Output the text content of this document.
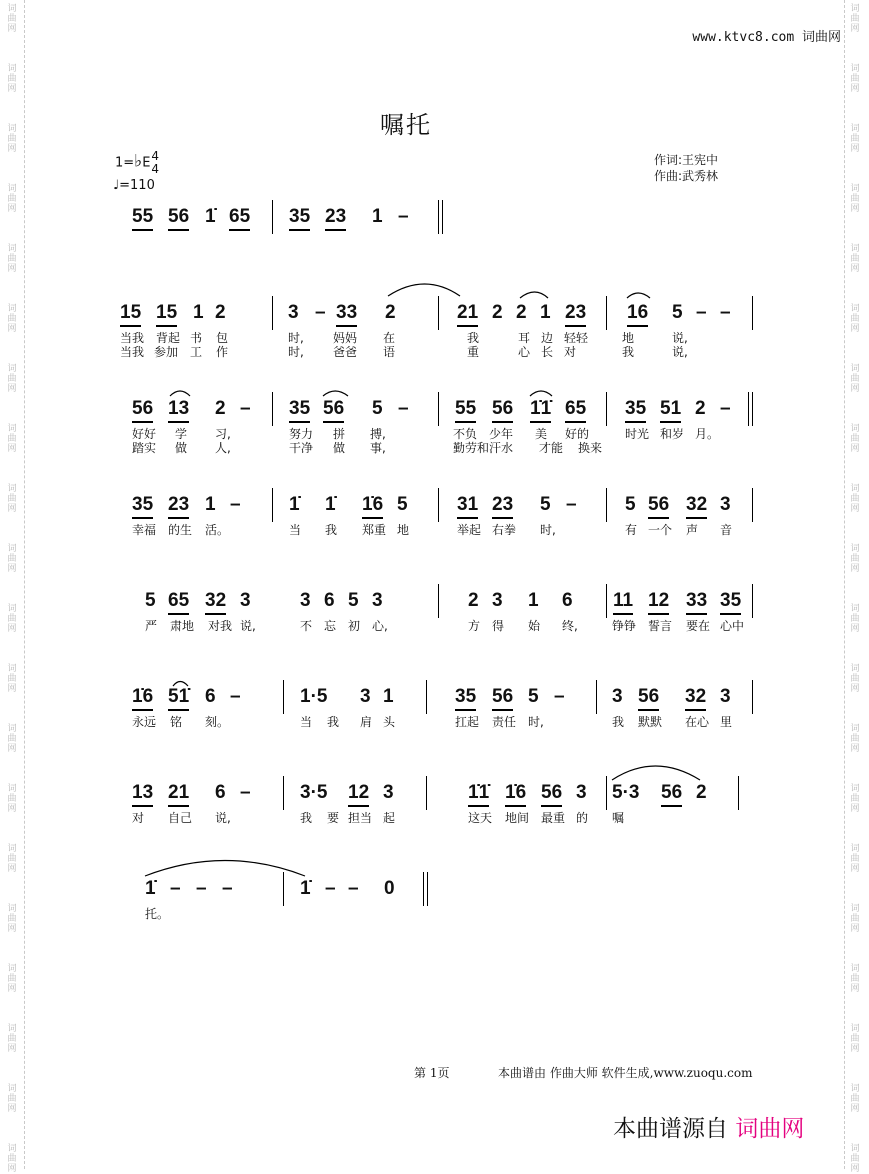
词
曲
网
词
曲
网
词
曲
网
词
曲
网
词
曲
网
词
曲
网
词
曲
网
词
曲
网
词
曲
网
词
曲
网
词
曲
网
词
曲
网
词
曲
网
词
曲
网
词
曲
网
词
曲
网
词
曲
网
词
曲
网
词
曲
网
词
曲
网
词
曲
网
词
曲
网
词
曲
网
词
曲
网
词
曲
网
词
曲
网
词
曲
网
词
曲
网
词
曲
网
词
曲
网
词
曲
网
词
曲
网
词
曲
网
词
曲
网
词
曲
网
词
曲
网
词
曲
网
词
曲
网
词
曲
网
词
曲
网
www.ktvc8.com 词曲网
嘱托
1=♭E4
4
♩=110
作词:王宪中
作曲:武秀林
55 56 1̇ 65 35 23 1 –
15 15 1 2	3 – 33 2	21 2 2 1 23 16 5 – –
当我 背起 书 包	时, 妈妈 在	我	耳 边 轻轻	地	说,
当我 参加 工 作	时, 爸爸 语	重	心 长 对	我	说,
56 13 2 – 35 56 5 – 55 56 1̇1̇ 65 35 51 2 –
好好 学 习,	努力 拼 搏,	不负 少年 美 好的	时光 和岁 月。
踏实 做 人,	干净 做 事,	勤劳和汗水 才能 换来
35 23 1 –	1̇ 1̇ 1̇6 5	31 23 5 –	5 56 32 3
幸福 的生 活。	当 我 郑重 地	举起 右拳 时,	有 一个 声 音
5 65 32 3	3 6 5 3	2 3 1 6 11 12 33 35
严 肃地 对我 说,	不 忘 初 心,	方 得 始 终,	铮铮 誓言 要在 心中
1̇6 51̇ 6 –	1·5 3 1	35 56 5 – 3 56 32 3
永远 铭 刻。	当 我 肩 头	扛起 责任 时,	我 默默 在心 里
13 21 6 –	3·5 12 3	1̇1̇ 1̇6 56 3 5·3 56 2
对 自己 说,	我 要 担当 起	这天 地间 最重 的 嘱
1̇ – – –	1̇ – – 0
托。
第 1页	本曲谱由 作曲大师 软件生成,www.zuoqu.com
本曲谱源自 词曲网
